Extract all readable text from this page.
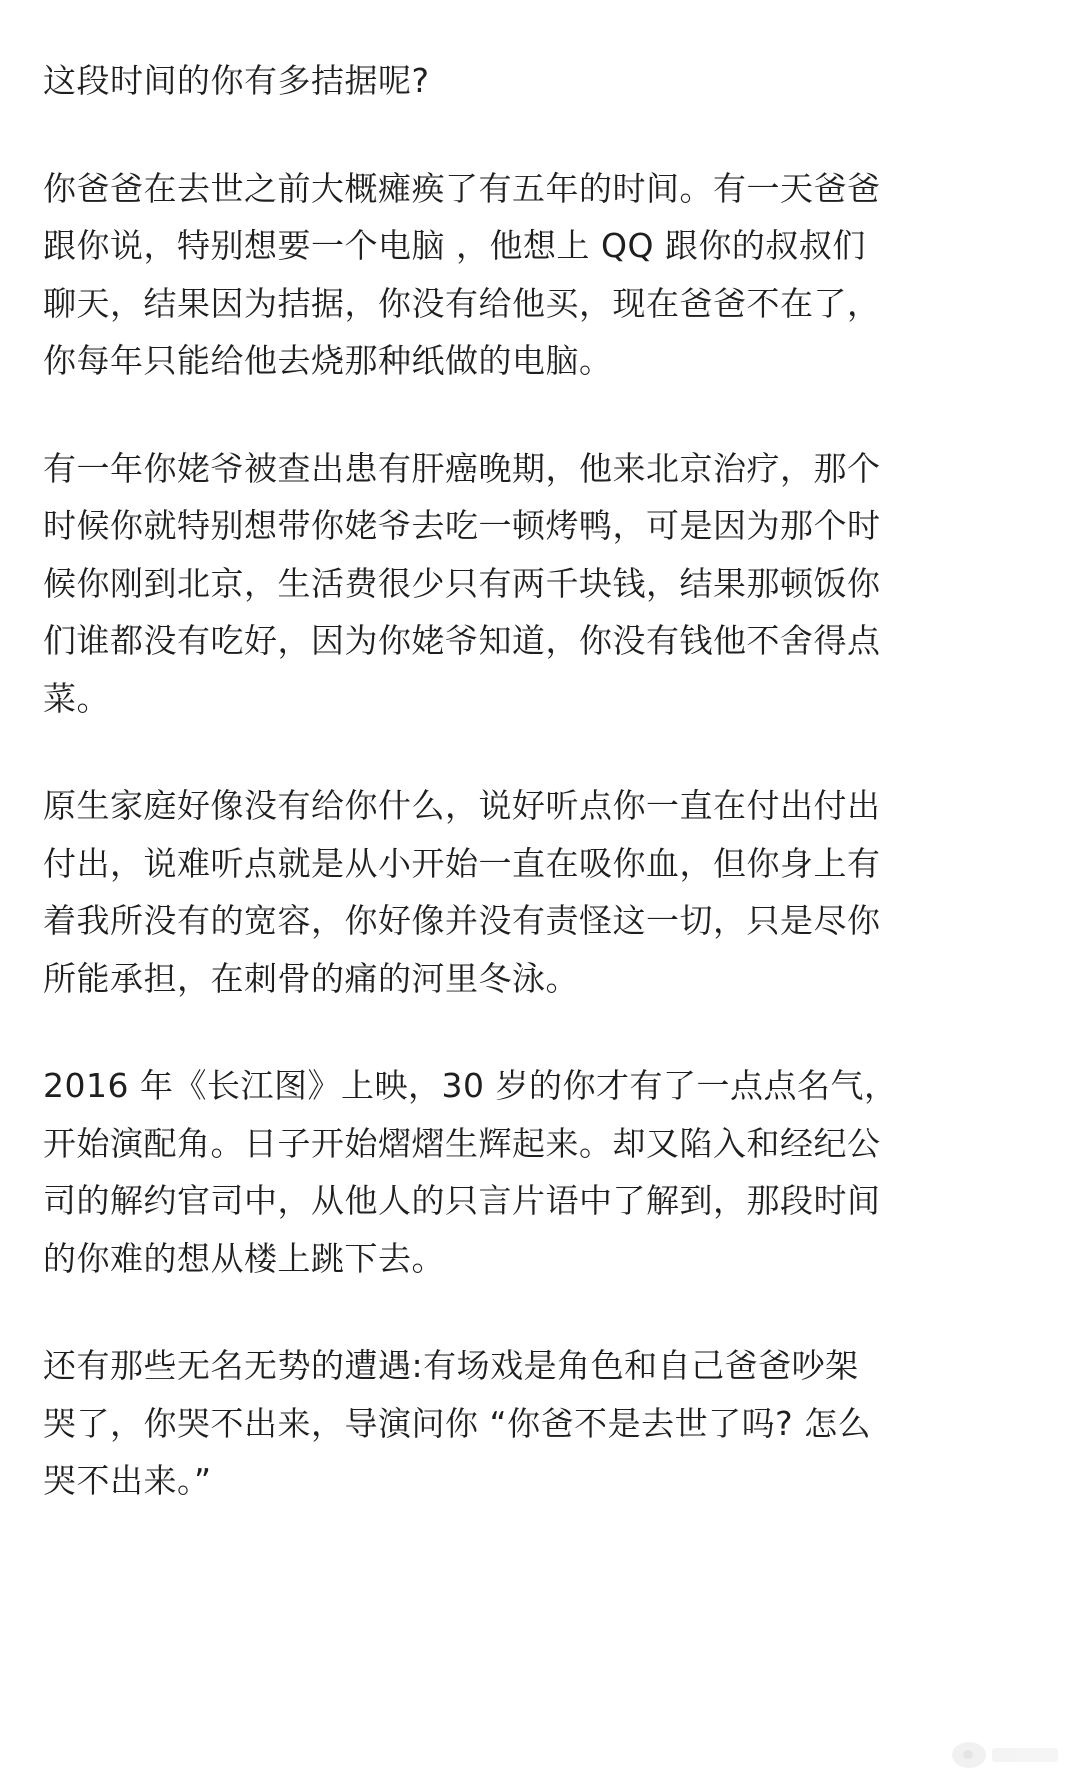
这段时间的你有多拮据呢?

你爸爸在去世之前大概瘫痪了有五年的时间。有一天爸爸
跟你说，特别想要一个电脑 ，他想上 QQ 跟你的叔叔们
聊天，结果因为拮据，你没有给他买，现在爸爸不在了，
你每年只能给他去烧那种纸做的电脑。

有一年你姥爷被查出患有肝癌晚期，他来北京治疗，那个
时候你就特别想带你姥爷去吃一顿烤鸭，可是因为那个时
候你刚到北京，生活费很少只有两千块钱，结果那顿饭你
们谁都没有吃好，因为你姥爷知道，你没有钱他不舍得点
菜。

原生家庭好像没有给你什么，说好听点你一直在付出付出
付出，说难听点就是从小开始一直在吸你血，但你身上有
着我所没有的宽容，你好像并没有责怪这一切，只是尽你
所能承担，在刺骨的痛的河里冬泳。

2016 年《长江图》上映，30 岁的你才有了一点点名气，
开始演配角。日子开始熠熠生辉起来。却又陷入和经纪公
司的解约官司中，从他人的只言片语中了解到，那段时间
的你难的想从楼上跳下去。

还有那些无名无势的遭遇:有场戏是角色和自己爸爸吵架
哭了，你哭不出来，导演问你 “你爸不是去世了吗? 怎么
哭不出来。”
